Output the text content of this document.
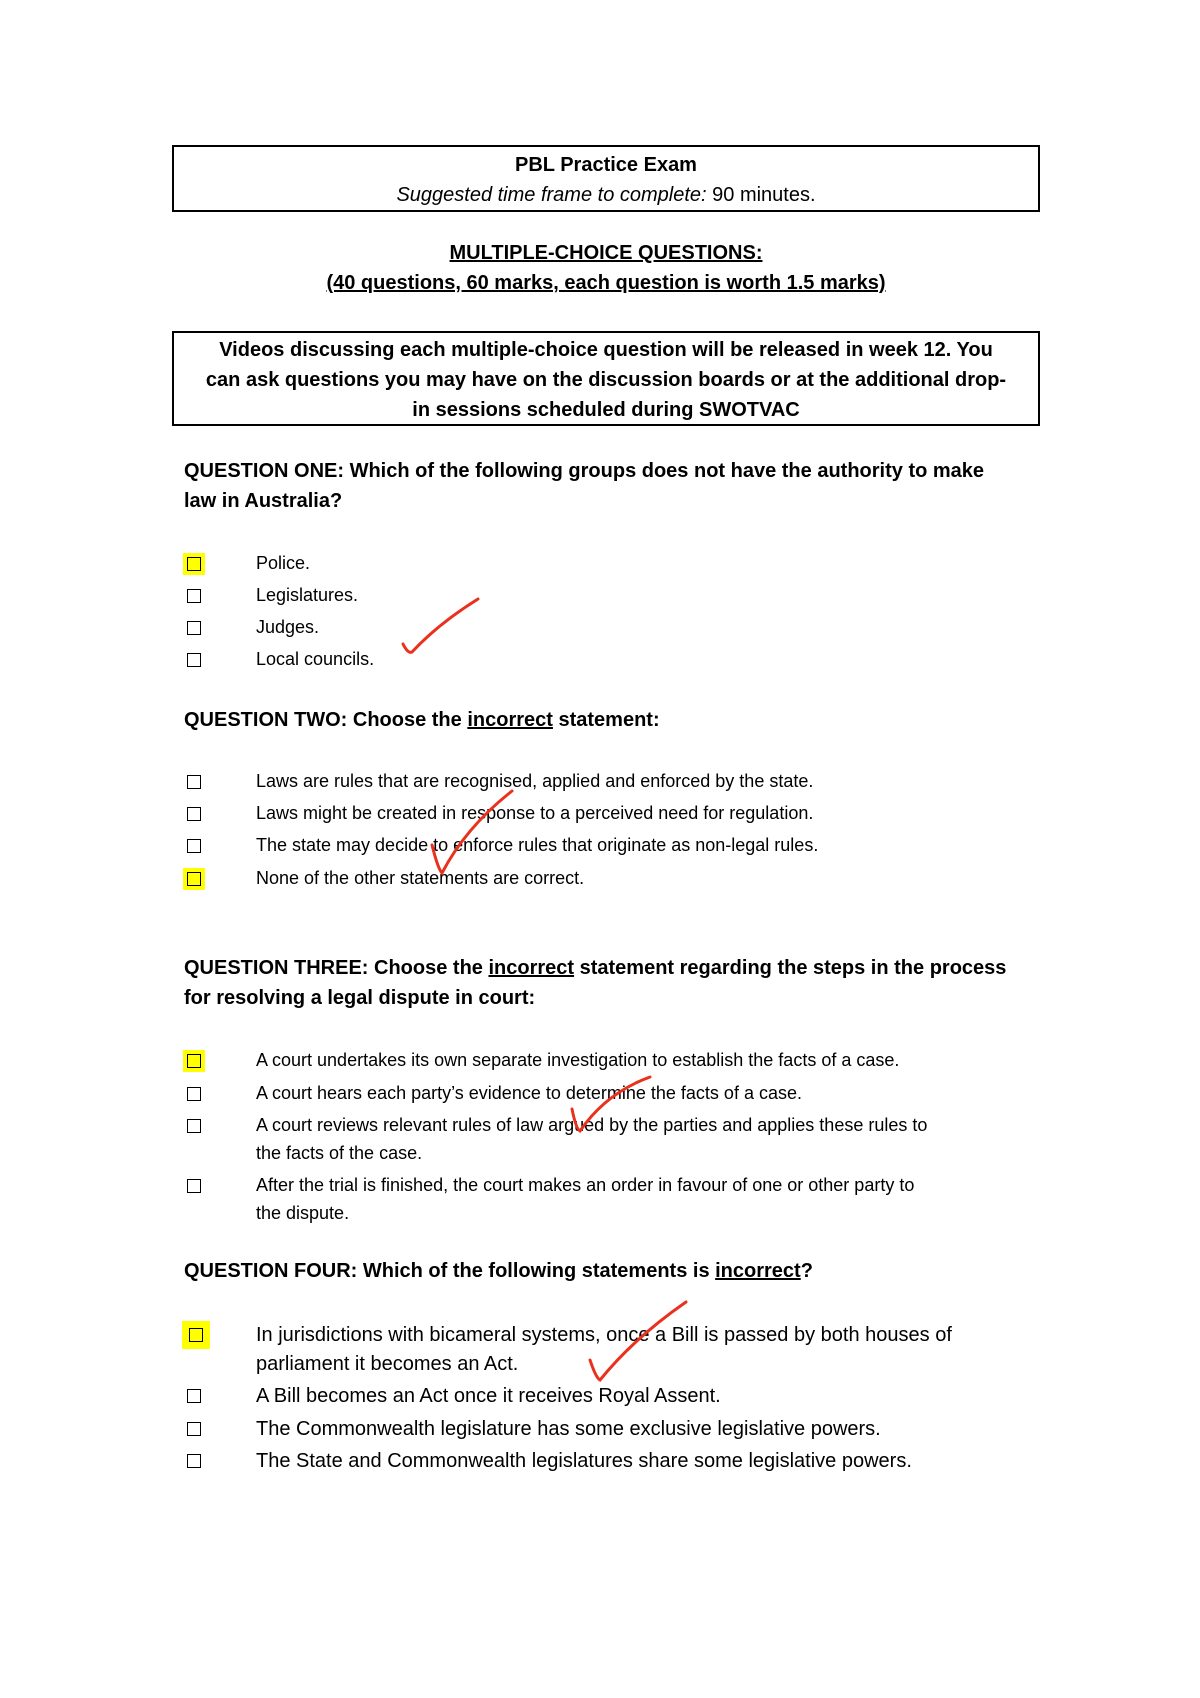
PBL Practice Exam
Suggested time frame to complete: 90 minutes.
MULTIPLE-CHOICE QUESTIONS:
(40 questions, 60 marks, each question is worth 1.5 marks)
Videos discussing each multiple-choice question will be released in week 12. You
can ask questions you may have on the discussion boards or at the additional drop-
in sessions scheduled during SWOTVAC
QUESTION ONE: Which of the following groups does not have the authority to make
law in Australia?
Police.
Legislatures.
Judges.
Local councils.
QUESTION TWO: Choose the incorrect statement:
Laws are rules that are recognised, applied and enforced by the state.
Laws might be created in response to a perceived need for regulation.
The state may decide to enforce rules that originate as non-legal rules.
None of the other statements are correct.
QUESTION THREE: Choose the incorrect statement regarding the steps in the process
for resolving a legal dispute in court:
A court undertakes its own separate investigation to establish the facts of a case.
A court hears each party’s evidence to determine the facts of a case.
A court reviews relevant rules of law argued by the parties and applies these rules to
the facts of the case.
After the trial is finished, the court makes an order in favour of one or other party to
the dispute.
QUESTION FOUR: Which of the following statements is incorrect?
In jurisdictions with bicameral systems, once a Bill is passed by both houses of
parliament it becomes an Act.
A Bill becomes an Act once it receives Royal Assent.
The Commonwealth legislature has some exclusive legislative powers.
The State and Commonwealth legislatures share some legislative powers.
